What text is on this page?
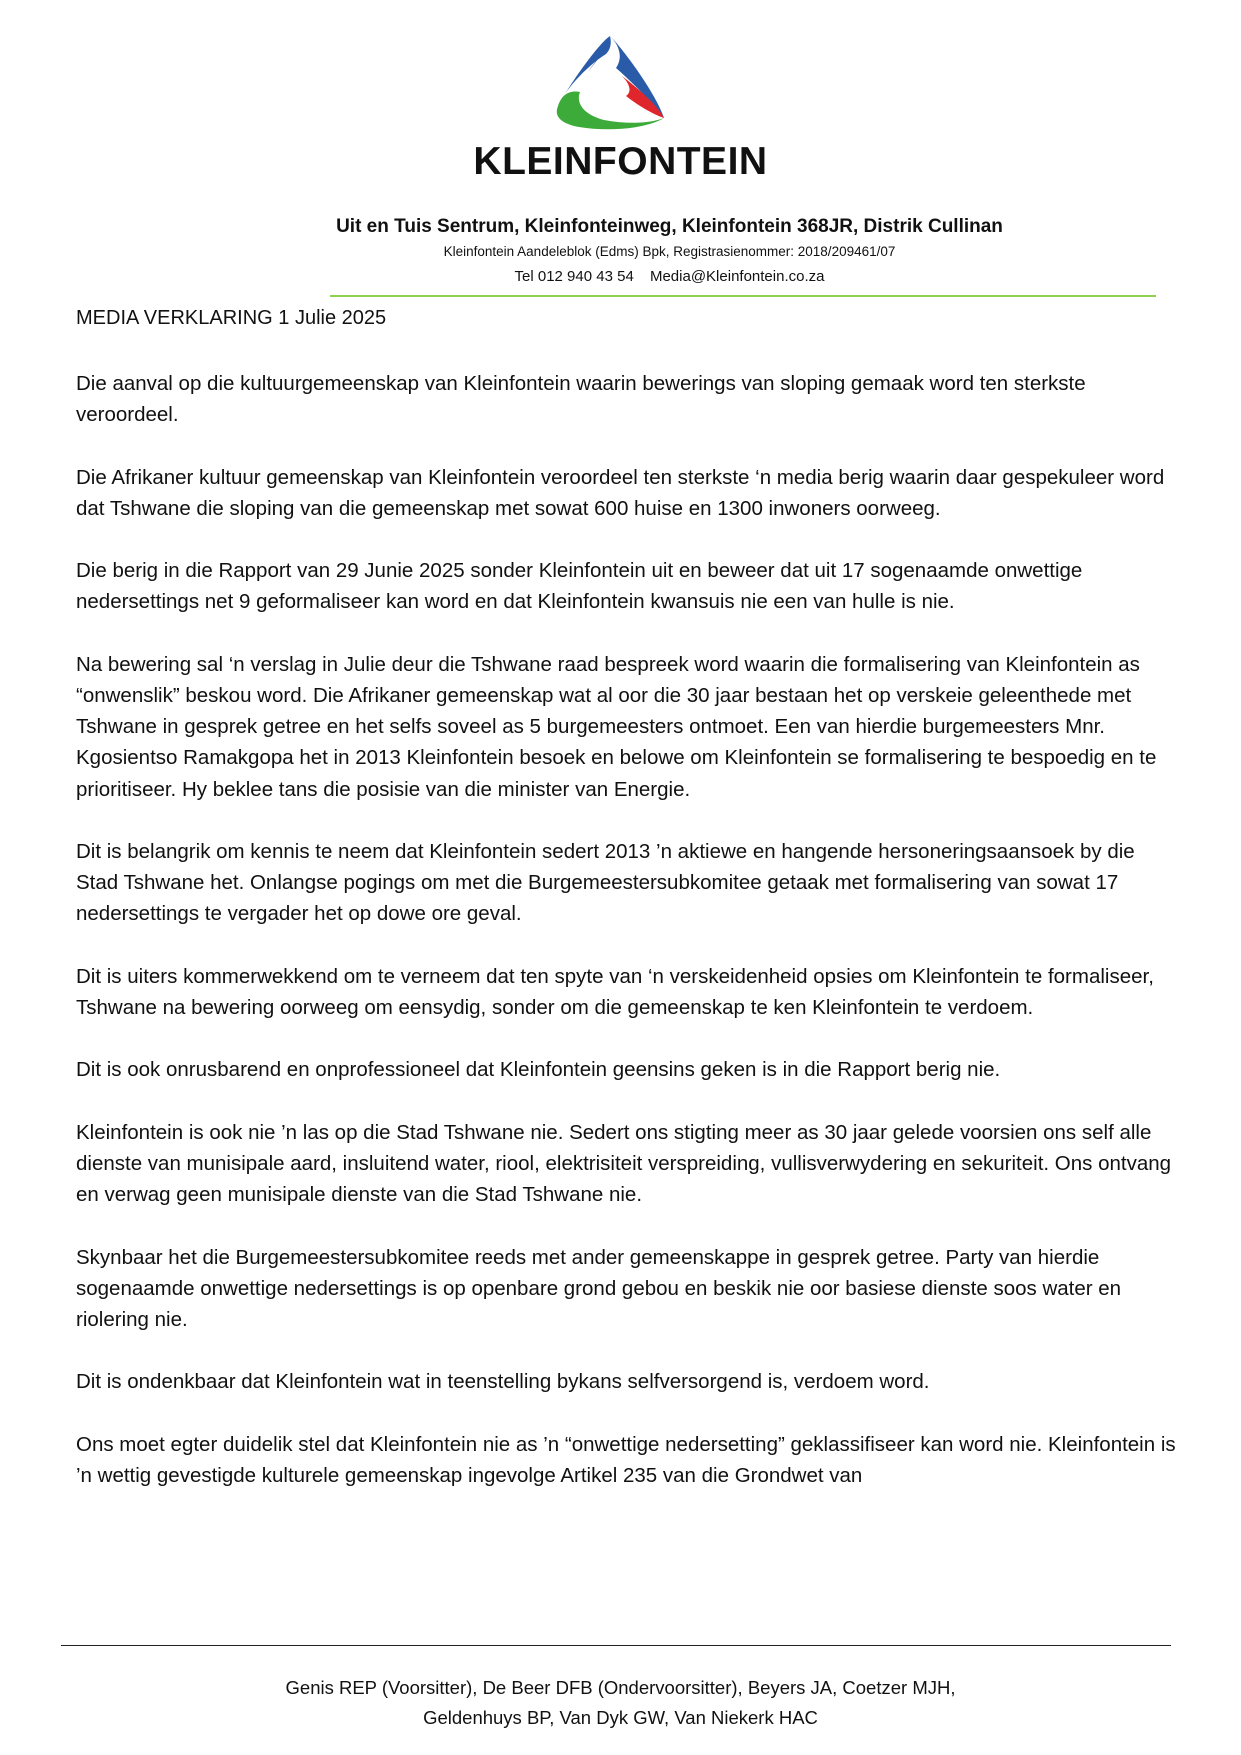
KLEINFONTEIN
Uit en Tuis Sentrum, Kleinfonteinweg, Kleinfontein 368JR, Distrik Cullinan
Kleinfontein Aandeleblok (Edms) Bpk, Registrasienommer: 2018/209461/07
Tel 012 940 43 54 Media@Kleinfontein.co.za
MEDIA VERKLARING 1 Julie 2025

Die aanval op die kultuurgemeenskap van Kleinfontein waarin bewerings van sloping gemaak word ten sterkste veroordeel.

Die Afrikaner kultuur gemeenskap van Kleinfontein veroordeel ten sterkste ‘n media berig waarin daar gespekuleer word dat Tshwane die sloping van die gemeenskap met sowat 600 huise en 1300 inwoners oorweeg.

Die berig in die Rapport van 29 Junie 2025 sonder Kleinfontein uit en beweer dat uit 17 sogenaamde onwettige nedersettings net 9 geformaliseer kan word en dat Kleinfontein kwansuis nie een van hulle is nie.

Na bewering sal ‘n verslag in Julie deur die Tshwane raad bespreek word waarin die formalisering van Kleinfontein as “onwenslik” beskou word. Die Afrikaner gemeenskap wat al oor die 30 jaar bestaan het op verskeie geleenthede met Tshwane in gesprek getree en het selfs soveel as 5 burgemeesters ontmoet. Een van hierdie burgemeesters Mnr. Kgosientso Ramakgopa het in 2013 Kleinfontein besoek en belowe om Kleinfontein se formalisering te bespoedig en te prioritiseer. Hy beklee tans die posisie van die minister van Energie.

Dit is belangrik om kennis te neem dat Kleinfontein sedert 2013 ’n aktiewe en hangende hersoneringsaansoek by die Stad Tshwane het. Onlangse pogings om met die Burgemeestersubkomitee getaak met formalisering van sowat 17 nedersettings te vergader het op dowe ore geval.

Dit is uiters kommerwekkend om te verneem dat ten spyte van ‘n verskeidenheid opsies om Kleinfontein te formaliseer, Tshwane na bewering oorweeg om eensydig, sonder om die gemeenskap te ken Kleinfontein te verdoem.

Dit is ook onrusbarend en onprofessioneel dat Kleinfontein geensins geken is in die Rapport berig nie.

Kleinfontein is ook nie ’n las op die Stad Tshwane nie. Sedert ons stigting meer as 30 jaar gelede voorsien ons self alle dienste van munisipale aard, insluitend water, riool, elektrisiteit verspreiding, vullisverwydering en sekuriteit. Ons ontvang en verwag geen munisipale dienste van die Stad Tshwane nie.

Skynbaar het die Burgemeestersubkomitee reeds met ander gemeenskappe in gesprek getree. Party van hierdie sogenaamde onwettige nedersettings is op openbare grond gebou en beskik nie oor basiese dienste soos water en riolering nie.

Dit is ondenkbaar dat Kleinfontein wat in teenstelling bykans selfversorgend is, verdoem word.

Ons moet egter duidelik stel dat Kleinfontein nie as ’n “onwettige nedersetting” geklassifiseer kan word nie. Kleinfontein is ’n wettig gevestigde kulturele gemeenskap ingevolge Artikel 235 van die Grondwet van

Genis REP (Voorsitter), De Beer DFB (Ondervoorsitter), Beyers JA, Coetzer MJH,
Geldenhuys BP, Van Dyk GW, Van Niekerk HAC
